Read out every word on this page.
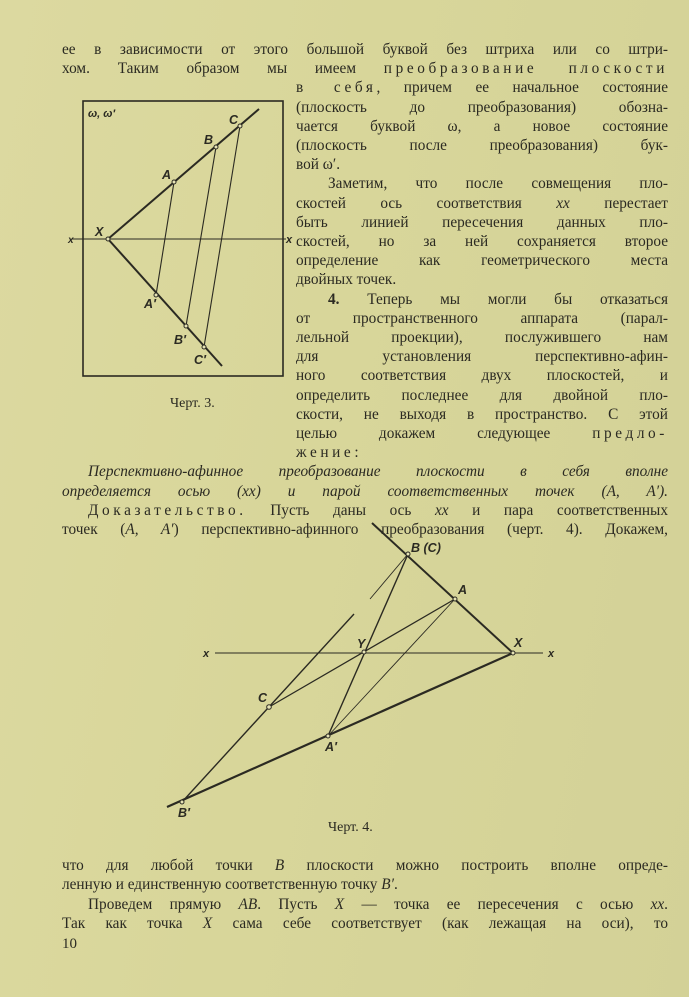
ее в зависимости от этого большой буквой без штриха или со штри-
хом. Таким образом мы имеем преобразование плоскости
в себя, причем ее начальное состояние
(плоскость до преобразования) обозна-
чается буквой ω, а новое состояние
(плоскость после преобразования) бук-
вой ω′.
Заметим, что после совмещения пло-
скостей ось соответствия xx перестает
быть линией пересечения данных пло-
скостей, но за ней сохраняется второе
определение как геометрического места
двойных точек.
4. Теперь мы могли бы отказаться
от пространственного аппарата (парал-
лельной проекции), послужившего нам
для установления перспективно-афин-
ного соответствия двух плоскостей, и
определить последнее для двойной пло-
скости, не выходя в пространство. С этой
целью докажем следующее предло-
жение:
Перспективно-афинное преобразование плоскости в себя вполне
определяется осью (xx) и парой соответственных точек (A, A′).
Доказательство. Пусть даны ось xx и пара соответственных
точек (A, A′) перспективно-афинного преобразования (черт. 4). Докажем,
что для любой точки B плоскости можно построить вполне опреде-
ленную и единственную соответственную точку B′.
Проведем прямую AB. Пусть X — точка ее пересечения с осью xx.
Так как точка X сама себе соответствует (как лежащая на оси), то
ω, ω′	C
B
A
X
x	x
A′
B′
C′
Черт. 3.
B (C)
A
Y	X
x	x
C
A′
B′
Черт. 4.
10
